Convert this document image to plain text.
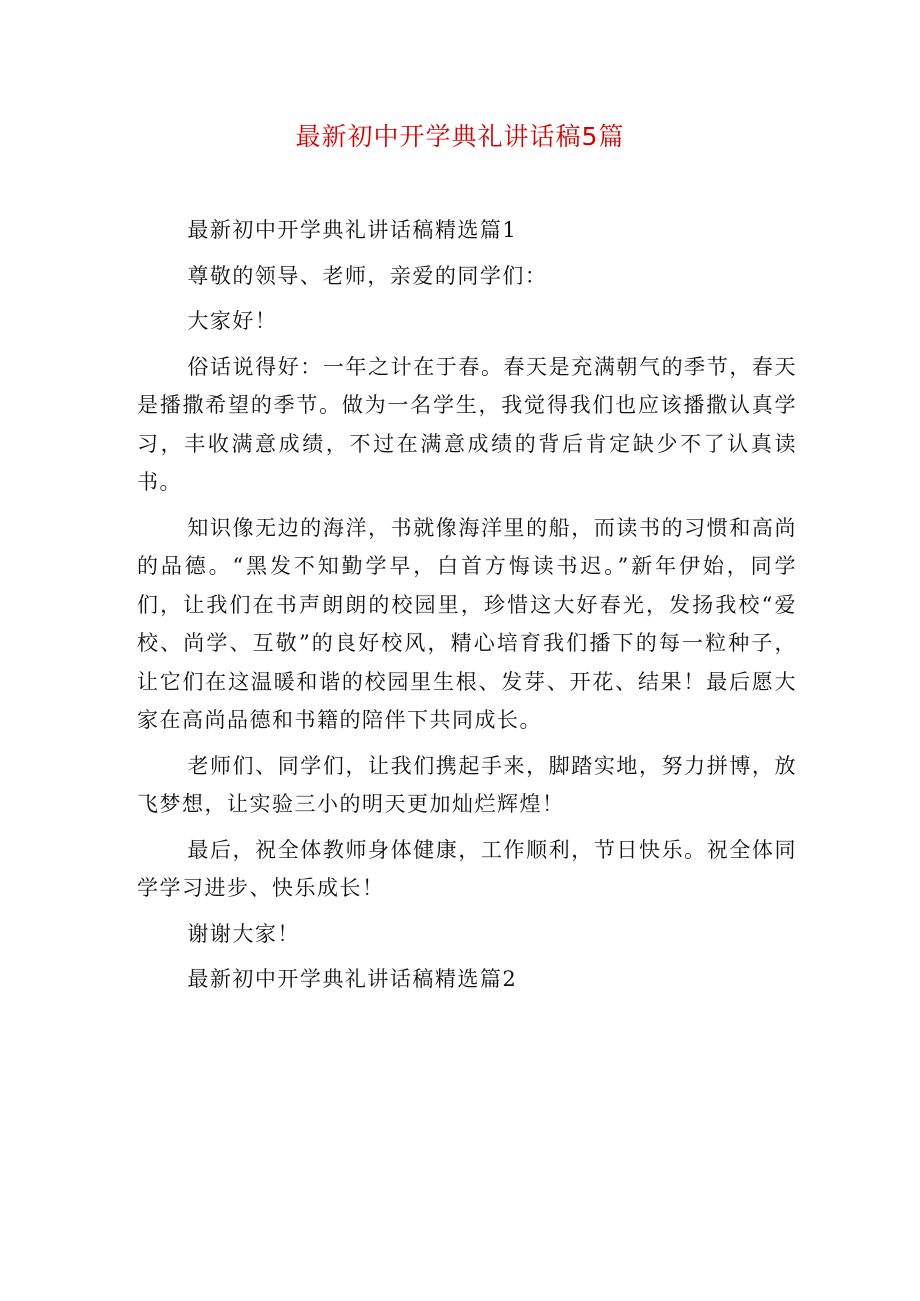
最新初中开学典礼讲话稿5篇

最新初中开学典礼讲话稿精选篇1

尊敬的领导、老师，亲爱的同学们：

大家好！

俗话说得好：一年之计在于春。春天是充满朝气的季节，春天是播撒希望的季节。做为一名学生，我觉得我们也应该播撒认真学习，丰收满意成绩，不过在满意成绩的背后肯定缺少不了认真读书。

知识像无边的海洋，书就像海洋里的船，而读书的习惯和高尚的品德。“黑发不知勤学早，白首方悔读书迟。”新年伊始，同学们，让我们在书声朗朗的校园里，珍惜这大好春光，发扬我校“爱校、尚学、互敬”的良好校风，精心培育我们播下的每一粒种子，让它们在这温暖和谐的校园里生根、发芽、开花、结果！最后愿大家在高尚品德和书籍的陪伴下共同成长。

老师们、同学们，让我们携起手来，脚踏实地，努力拼博，放飞梦想，让实验三小的明天更加灿烂辉煌！

最后，祝全体教师身体健康，工作顺利，节日快乐。祝全体同学学习进步、快乐成长！

谢谢大家！

最新初中开学典礼讲话稿精选篇2
